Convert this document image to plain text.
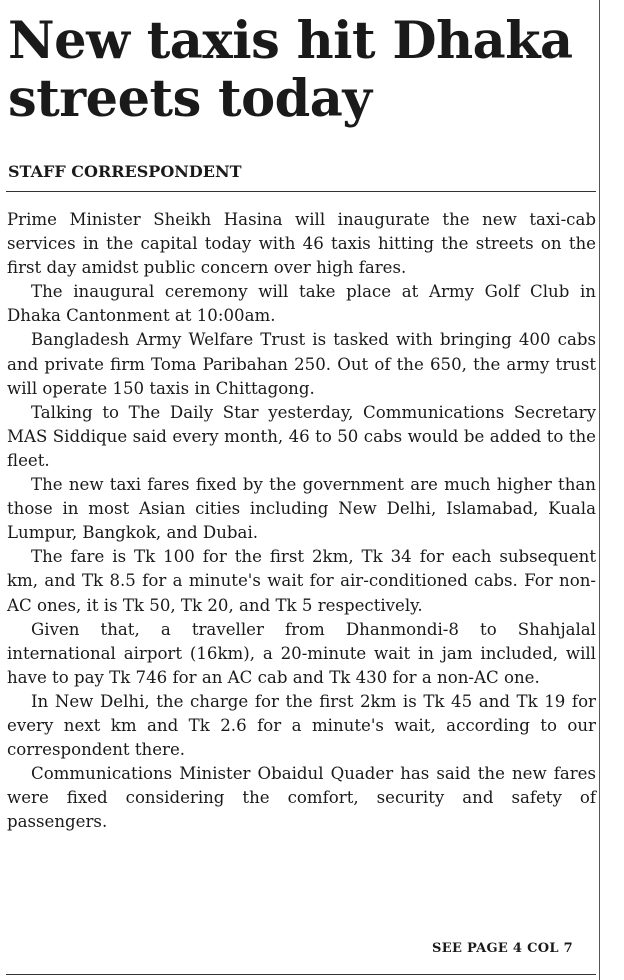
New taxis hit Dhaka streets today
STAFF CORRESPONDENT

Prime Minister Sheikh Hasina will inaugurate the new taxi-cab services in the capital today with 46 taxis hitting the streets on the first day amidst public concern over high fares.

The inaugural ceremony will take place at Army Golf Club in Dhaka Cantonment at 10:00am.

Bangladesh Army Welfare Trust is tasked with bringing 400 cabs and private firm Toma Paribahan 250. Out of the 650, the army trust will operate 150 taxis in Chittagong.

Talking to The Daily Star yesterday, Communications Secretary MAS Siddique said every month, 46 to 50 cabs would be added to the fleet.

The new taxi fares fixed by the government are much higher than those in most Asian cities including New Delhi, Islamabad, Kuala Lumpur, Bangkok, and Dubai.

The fare is Tk 100 for the first 2km, Tk 34 for each subsequent km, and Tk 8.5 for a minute's wait for air-conditioned cabs. For non-AC ones, it is Tk 50, Tk 20, and Tk 5 respectively.

Given that, a traveller from Dhanmondi-8 to Shahjalal international airport (16km), a 20-minute wait in jam included, will have to pay Tk 746 for an AC cab and Tk 430 for a non-AC one.

In New Delhi, the charge for the first 2km is Tk 45 and Tk 19 for every next km and Tk 2.6 for a minute's wait, according to our correspondent there.

Communications Minister Obaidul Quader has said the new fares were fixed considering the comfort, security and safety of passengers.

SEE PAGE 4 COL 7
